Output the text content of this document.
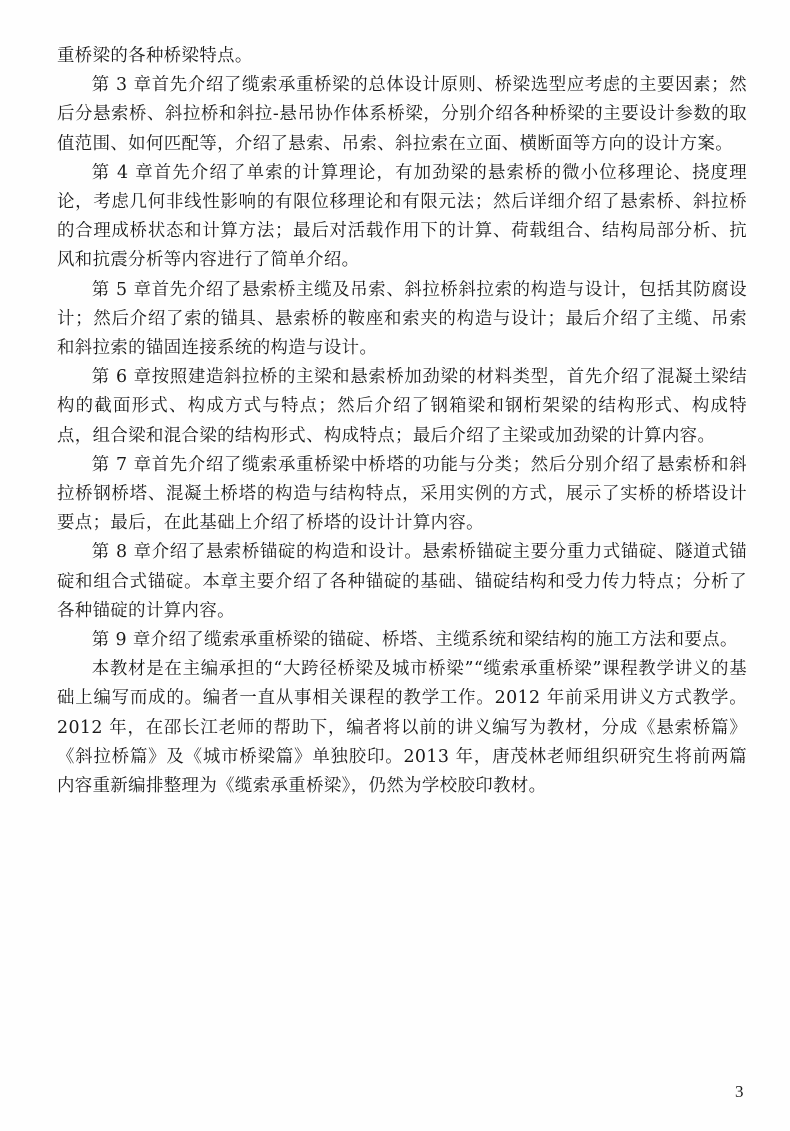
重桥梁的各种桥梁特点。

第 3 章首先介绍了缆索承重桥梁的总体设计原则、桥梁选型应考虑的主要因素；然后分悬索桥、斜拉桥和斜拉-悬吊协作体系桥梁，分别介绍各种桥梁的主要设计参数的取值范围、如何匹配等，介绍了悬索、吊索、斜拉索在立面、横断面等方向的设计方案。

第 4 章首先介绍了单索的计算理论，有加劲梁的悬索桥的微小位移理论、挠度理论，考虑几何非线性影响的有限位移理论和有限元法；然后详细介绍了悬索桥、斜拉桥的合理成桥状态和计算方法；最后对活载作用下的计算、荷载组合、结构局部分析、抗风和抗震分析等内容进行了简单介绍。

第 5 章首先介绍了悬索桥主缆及吊索、斜拉桥斜拉索的构造与设计，包括其防腐设计；然后介绍了索的锚具、悬索桥的鞍座和索夹的构造与设计；最后介绍了主缆、吊索和斜拉索的锚固连接系统的构造与设计。

第 6 章按照建造斜拉桥的主梁和悬索桥加劲梁的材料类型，首先介绍了混凝土梁结构的截面形式、构成方式与特点；然后介绍了钢箱梁和钢桁架梁的结构形式、构成特点，组合梁和混合梁的结构形式、构成特点；最后介绍了主梁或加劲梁的计算内容。

第 7 章首先介绍了缆索承重桥梁中桥塔的功能与分类；然后分别介绍了悬索桥和斜拉桥钢桥塔、混凝土桥塔的构造与结构特点，采用实例的方式，展示了实桥的桥塔设计要点；最后，在此基础上介绍了桥塔的设计计算内容。

第 8 章介绍了悬索桥锚碇的构造和设计。悬索桥锚碇主要分重力式锚碇、隧道式锚碇和组合式锚碇。本章主要介绍了各种锚碇的基础、锚碇结构和受力传力特点；分析了各种锚碇的计算内容。

第 9 章介绍了缆索承重桥梁的锚碇、桥塔、主缆系统和梁结构的施工方法和要点。

本教材是在主编承担的“大跨径桥梁及城市桥梁”“缆索承重桥梁”课程教学讲义的基础上编写而成的。编者一直从事相关课程的教学工作。2012 年前采用讲义方式教学。2012 年，在邵长江老师的帮助下，编者将以前的讲义编写为教材，分成《悬索桥篇》《斜拉桥篇》及《城市桥梁篇》单独胶印。2013 年，唐茂林老师组织研究生将前两篇内容重新编排整理为《缆索承重桥梁》，仍然为学校胶印教材。

3
